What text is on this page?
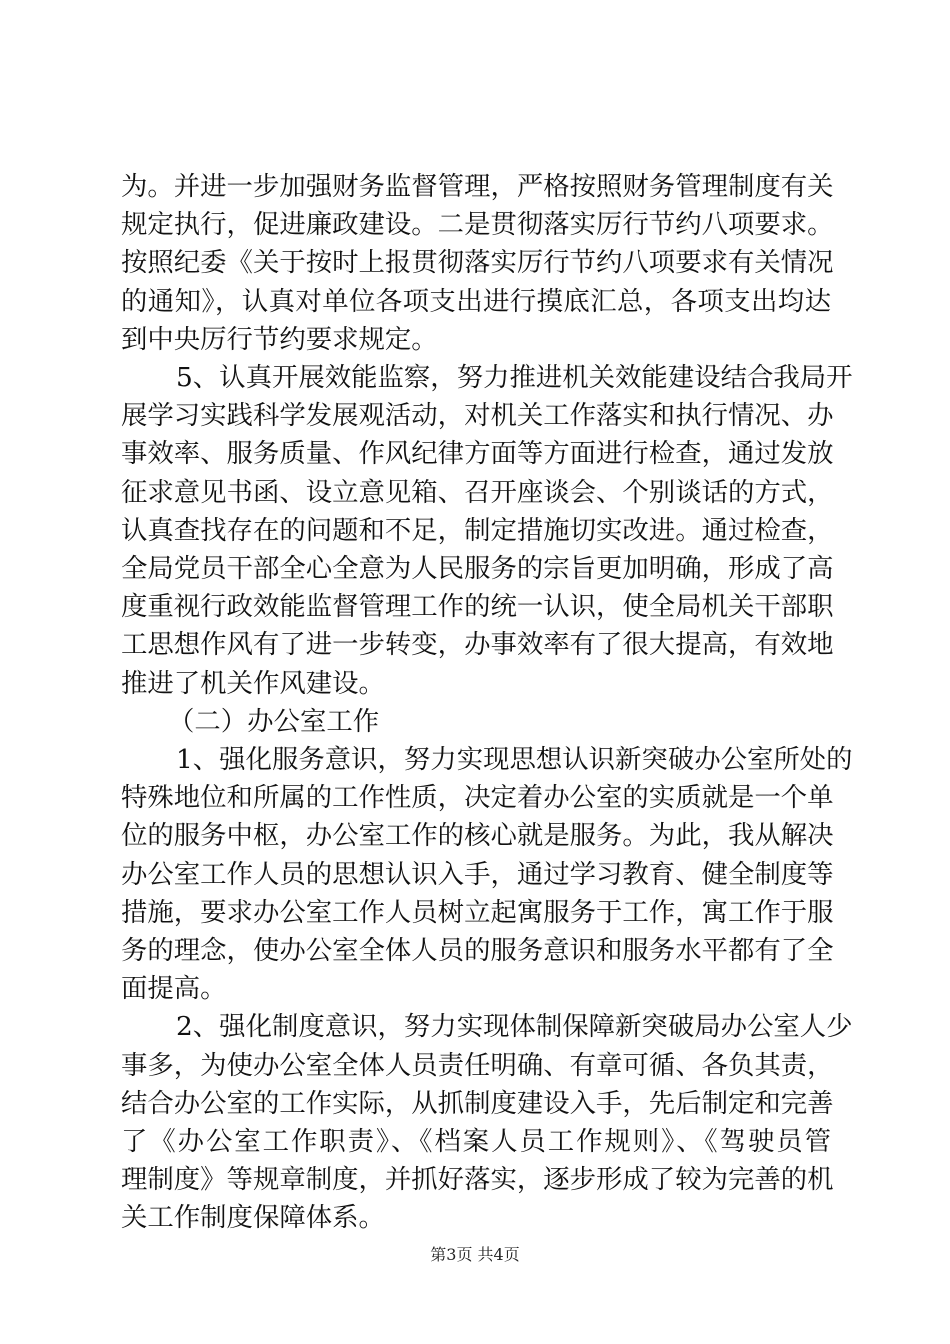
为。并进一步加强财务监督管理，严格按照财务管理制度有关
规定执行，促进廉政建设。二是贯彻落实厉行节约八项要求。
按照纪委《关于按时上报贯彻落实厉行节约八项要求有关情况
的通知》，认真对单位各项支出进行摸底汇总，各项支出均达
到中央厉行节约要求规定。
5、认真开展效能监察，努力推进机关效能建设结合我局开
展学习实践科学发展观活动，对机关工作落实和执行情况、办
事效率、服务质量、作风纪律方面等方面进行检查，通过发放
征求意见书函、设立意见箱、召开座谈会、个别谈话的方式，
认真查找存在的问题和不足，制定措施切实改进。通过检查，
全局党员干部全心全意为人民服务的宗旨更加明确，形成了高
度重视行政效能监督管理工作的统一认识，使全局机关干部职
工思想作风有了进一步转变，办事效率有了很大提高，有效地
推进了机关作风建设。
（二）办公室工作
1、强化服务意识，努力实现思想认识新突破办公室所处的
特殊地位和所属的工作性质，决定着办公室的实质就是一个单
位的服务中枢，办公室工作的核心就是服务。为此，我从解决
办公室工作人员的思想认识入手，通过学习教育、健全制度等
措施，要求办公室工作人员树立起寓服务于工作，寓工作于服
务的理念，使办公室全体人员的服务意识和服务水平都有了全
面提高。
2、强化制度意识，努力实现体制保障新突破局办公室人少
事多，为使办公室全体人员责任明确、有章可循、各负其责，
结合办公室的工作实际，从抓制度建设入手，先后制定和完善
了《办公室工作职责》、《档案人员工作规则》、《驾驶员管
理制度》等规章制度，并抓好落实，逐步形成了较为完善的机
关工作制度保障体系。
第3页 共4页
